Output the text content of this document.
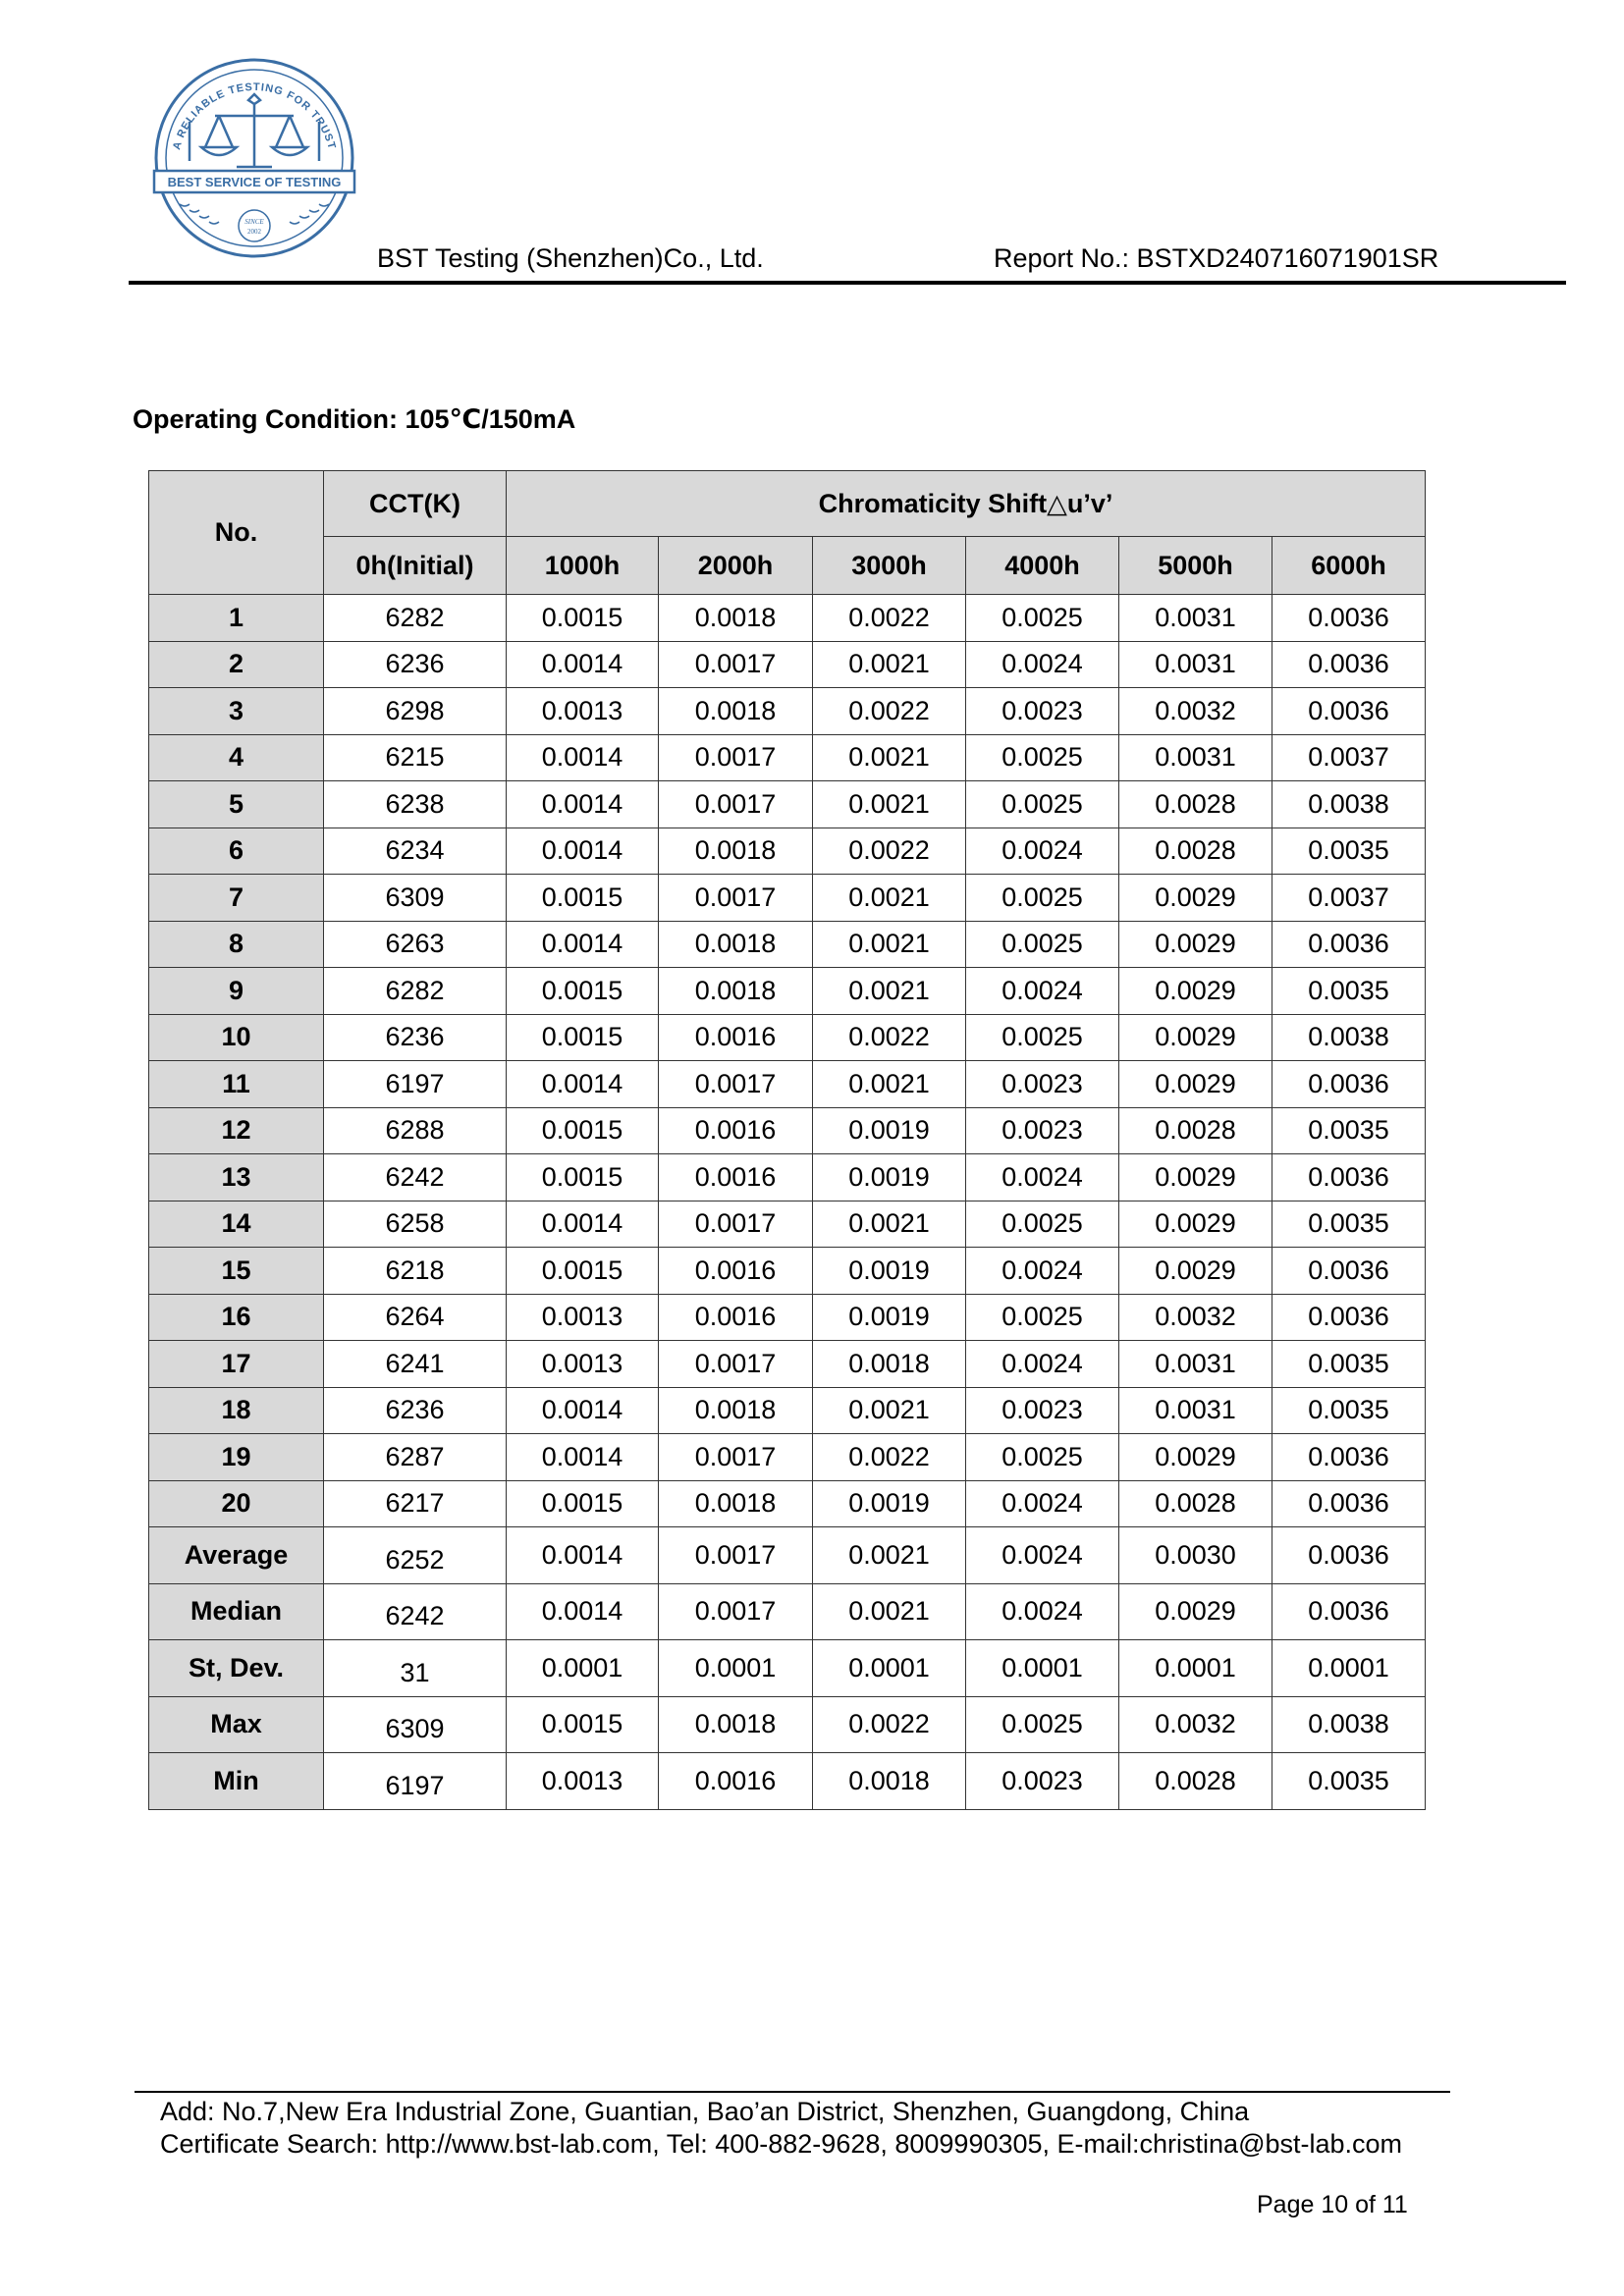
A RELIABLE TESTING FOR TRUST
BEST SERVICE OF TESTING
SINCE
2002
BST Testing (Shenzhen)Co., Ltd.	Report No.: BSTXD240716071901SR
Operating Condition: 105℃/150mA
No.	CCT(K)	Chromaticity Shift△u’v’					
	0h(Initial)	1000h	2000h	3000h	4000h	5000h	6000h
1	6282	0.0015	0.0018	0.0022	0.0025	0.0031	0.0036
2	6236	0.0014	0.0017	0.0021	0.0024	0.0031	0.0036
3	6298	0.0013	0.0018	0.0022	0.0023	0.0032	0.0036
4	6215	0.0014	0.0017	0.0021	0.0025	0.0031	0.0037
5	6238	0.0014	0.0017	0.0021	0.0025	0.0028	0.0038
6	6234	0.0014	0.0018	0.0022	0.0024	0.0028	0.0035
7	6309	0.0015	0.0017	0.0021	0.0025	0.0029	0.0037
8	6263	0.0014	0.0018	0.0021	0.0025	0.0029	0.0036
9	6282	0.0015	0.0018	0.0021	0.0024	0.0029	0.0035
10	6236	0.0015	0.0016	0.0022	0.0025	0.0029	0.0038
11	6197	0.0014	0.0017	0.0021	0.0023	0.0029	0.0036
12	6288	0.0015	0.0016	0.0019	0.0023	0.0028	0.0035
13	6242	0.0015	0.0016	0.0019	0.0024	0.0029	0.0036
14	6258	0.0014	0.0017	0.0021	0.0025	0.0029	0.0035
15	6218	0.0015	0.0016	0.0019	0.0024	0.0029	0.0036
16	6264	0.0013	0.0016	0.0019	0.0025	0.0032	0.0036
17	6241	0.0013	0.0017	0.0018	0.0024	0.0031	0.0035
18	6236	0.0014	0.0018	0.0021	0.0023	0.0031	0.0035
19	6287	0.0014	0.0017	0.0022	0.0025	0.0029	0.0036
20	6217	0.0015	0.0018	0.0019	0.0024	0.0028	0.0036
Average	6252	0.0014	0.0017	0.0021	0.0024	0.0030	0.0036
Median	6242	0.0014	0.0017	0.0021	0.0024	0.0029	0.0036
St, Dev.	31	0.0001	0.0001	0.0001	0.0001	0.0001	0.0001
Max	6309	0.0015	0.0018	0.0022	0.0025	0.0032	0.0038
Min	6197	0.0013	0.0016	0.0018	0.0023	0.0028	0.0035
Add: No.7,New Era Industrial Zone, Guantian, Bao’an District, Shenzhen, Guangdong, China
Certificate Search: http://www.bst-lab.com, Tel: 400-882-9628, 8009990305, E-mail:christina@bst-lab.com
Page 10 of 11
